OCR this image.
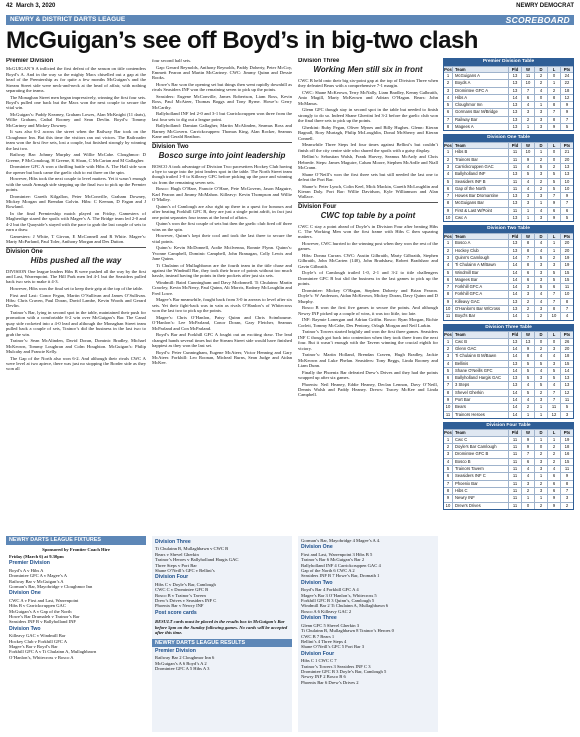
42 March 3, 2020	NEWRY DEMOCRAT
NEWRY & DISTRICT DARTS LEAGUE	SCOREBOARD
McGuigan’s see off Boyd’s in big-two clash
Premier Division

McGUIGAN’S A inflicted the first defeat of the season on title contenders Boyd’s A. And in the way so the mighty Macs chiselled out a gap at the head of the Premiership as for quite a few months McGuigan’s and the Stream Street side were neck-and-neck at the head of affair, with nothing separating the teams.

The Monaghan Street men began impressively, winning the first four sets. Boyd’s pulled one back but the Macs won the next couple to secure the vital win.

McGuigan’s: Paddy Kearney, Graham Lowes, Alan McKnight (11 darts), Willie Graham, Cathal Rooney and Sean Devlin. Boyd’s: Tommy McCartney and Mickey Downey.

It was also 6-2 across the street when the Railway Bar took on the Cloughmor Inn. But this time the visitors ran out victors. The Railroader team won the first five sets, lost a couple, but finished strongly by winning the last two.

Railway Bar: Johnny Murphy and Willie McCabe. Cloughmor: D Greene, P McConaloug, H Greene, K Sloan, C McCartan and M Gallagher.

Dromintee GFC A won a thrilling battle with Hibs A. The Hall side won the opener but back came the gaelic club to eat three on the spin.

However, Hibs took the next couple to level matters. Yet it wasn’t enough with the south Armagh side stepping up the final two to pick up the Premier points.

Dromintee: Gareth Kilgallon, Peter McConville, Graham Downey, Mickey Morgan and Brendan Golvin. Hibs: C Keenan, D Fagan and J Rowland.

In the final Premiership match played on Friday, Gamesters of Magherdige stared the spoils with Magee’s A. The Bridge team led 2-0 and 4-2 but the Quayside’s stayed with the pace to grab the last couple of sets to earn a draw.

Gamesters: J White, T Girvan, E McConnell and R White. Magee’s: Marty McParland, Paul Toler, Anthony Morgan and Des Dutton.

Division One
Hibs pushed all the way

DIVISION One league leaders Hibs B were pushed all the way by the first and Last, Warrenpoint. The Hill Park men led 4-1 but the Seasiders pulled back two sets to make it 4-3.

However, Hibs won the final set to keep their grip at the top of the table.

First and Last: Conor Fegan, Martin O’Sullivan and James O’Sullivan. Hibs: Chris Craven, Paul Doran, David Lambe, Kevin Woods and Gerard Devlin.

Trainor’s Bar, lying in second spot in the table, maintained their push for promotion with a comfortable 6-2 win over McGuigan’s Bar. The Canal quay side rocketed into a 4-0 lead and although the Monaghan Street team pulled back a couple of sets, Trainor’s did the business in the last two to grab the win.

Trainor’s: Sean McAlinden, David Doran, Dominic Bradley, Michael McKeown, Tommy Loughran and Colm Houghton. McGuigan’s: Philip Mulcahy and Francie Kelly.

The Gap of the North also won 6-2. And although their rivals CWC A were level at two apiece, there was just no stopping the Border side as they won all

four second half sets.

Gap: Gerard Reynolds, Anthony Reynolds, Paddy Doherty, Peter McCoy, Emmett Fearon and Martin McCartney. CWC: Jimmy Quinn and Dessie Rooks.

Howe’s Bar won the opening set but things then went rapidly downhill as rivals Seasiders INF won the remaining seven to pick up the points.

Seasiders: Eugene McConville, James Robertson, Liam Ross, Kevin Ross, Paul McAteer, Thomas Boggs and Tony Byrne. Howe’s: Gerry McCarthy.

Ballyholland INF led 2-0 and 3-1 but Carrickcruppen won three from the last four sets to dig out a league point.

Ballyholland: Damian Gallagher, Martin McAlinden, Seamus Ross and Barney McGovern. Carrickcruppen: Thomas King, Alan Rocker, Seamus Kane and Gerald Reathon.

Division Two
Bosco surge into joint leadership

BOSCO A took advantage of Division Two pacesetters Hockey Club having a bye to surge into the joint leaders spot in the table. The North Street team though trailed 1-0 to Killeavy GFC before picking up the pace and winning six from the remaining seven sets.

Bosco: Hugh O’Hare, Francie O’Hare, Pete McGovern, Jason Maguire, Karl Fearon and Jimmy McMahon. Killeavy: Kevin Thompson and Willie O’Malley.

Quinn’s of Camlough are also right up there in a quest for honours and after beating Forkhill GFC B, they are just a single point adrift, in fact just one point separates four teams at the head of affairs.

Quinn’s won the first couple of sets but then the gaelic club fired off three wins on the spin.

However, Quinn’s kept their cool and took the last three to secure the vital points.

Quinn’s: Kevin McDonnell, Aodie Mcilvenna, Ronnie Flynn. Quinn’s: Yvonne Campbell, Dominic Campbell, John Branagan, Colly Lewis and Jane Quinn.

Ti Chulainn of Mullaghbawn are the fourth team in the title chase and against the Windmill Bar, they took their brace of points without too much hassle, instead having the points in their pockets after just six sets.

Windmill: Baird Cunningham and Davy Mcdonnell. Ti Chulainn: Martin Crawley, Kevin McNerry, Paul Quinn, Ali Morris, Rodney McLoughlin and Fred Lowe.

Magee’s Bar meanwhile, fought back from 3-0 in arrears to level after six sets. Yet their fight-back was in vain as rivals O’Hanlon’s of Whitecross won the last two to pick up the points.

Magee’s: Chris O’Hanlon, Patsy Quinn and Chris Scimboume. O’Hanlon’s: Lee McParland, Conor Doran, Gary Fletcher, Seamus McParland and Con McParland.

Boyd’s Bar and Forkhill GFC A fought out an exciting draw. The lead changed hands several times but the Stream Street side would have finished happiest as they won the last set.

Boyd’s: Peter Cunningham, Eugene McAteer, Victor Henning and Gary McAteer. Forkhill: Leo Roonan, Micheal Burns, Sean Judge and Aidan McKee.

Division Three
Working Men still six in front

CWC B held onto their big six-point gap at the top of Division Three when they defeated Bears with a comprehensive 7-1 margin.

CWC: Shane McKeown, Terry McNally, Liam Bradley, Kenny Galbraith, Anto Magill, Marty McKeown and Adrian O’Hagan. Bears: John McManus.

Glenn GFC though stay in second spot in the table but needed to finish strongly to do so. Indeed Shane Ghertini led 3-2 before the gaelic club won the final three sets to pick up the points.

Gherkini: Ruby Fegan, Oliver Mynes and Billy Hughes. Glenn: Kieran Bagnall, Rory Murtagh, Philip McLoughlin, Donal McSherry and Kieran Connell.

Meanwhile Three Steps led four times against Bellini’s but couldn’t finish off the city centre side who shared the spoils with a gutsy display.

Bellini’s: Sebastian Walsh, Frank Harvey, Seamus McArdy and Chris Hebrede. Steps: James Maguire, Calum Moore, Stephen McArdle and Niall McCrann.

Shane O’Neill’s won the first three sets but still needed the last one to defeat the Port Bar.

Shane’s: Peter Lynch, Colin Keel, Mick Mackin, Gareth McLoughlin and Kieran Daly. Port Bar: Willie Davidson, Kyle Williamson and Alan Wallace.

Division Four
CWC top table by a point

CWC C stay a point ahead of Doyle’s in Division Four after beating Hibs C. The Working Men won the first frame with Hibs C then squaring matters.

However, CWC hurried to the winning post when they won the rest of the games.

Hibs: Donna Curran. CWC: Austin Gilbraith, Marty Gilbraith, Stephen Gilbraith, John McCarten (140), John Bradshaw, Robert Bradshaw and Gavin Gilbraith.

Doyle’s of Camlough trailed 1-0, 2-1 and 3-2 to title challengers Dromintee GFC B but slid the business in the last games to pick up the points.

Dromintee: Mickey O’Hagan, Stephen Doherty and Brian Fearon. Doyle’s: W Anderson, Aidan McKeown, Mickey Doran, Davy Quinn and D Murphy.

Bosco B won the first five games to secure the points. And although Newry INF picked up a couple of wins, it was too little, too late.

INF: Raymie Lonergan and Adrian Griffin. Bosco: Ryan Morgan, Richie Corlett, Tommy McCabe, Des Pentony, Orlagh Morgan and Neil Larkin.

Trainor’s Towers started brightly and won the first three games. Seasiders INF C though got back into contention when they took three from the next four. But it wasn’t enough with the Tavern winning the crucial eighth for victory.

Trainor’s: Martin Holland, Brendan Craven, Hugh Bradley, Jackie McKeown and Luke Phelan. Seasiders: Tony Beggs, Linda Rooney and Liam Dunn.

Finally the Phoenix Bar defeated Drew’s Drives and they had the points wrapped up after six games.

Phoenix: Neil Heaney, Eddie Heaney, Declan Lennon, Davy O’Neill, Dennis Walsh and Paddy Heaney. Drews: Tracey McKee and Linda Campbell.

Premier Division Table
Pos Team	Pld	W	D	L	Pts
1	McGuigans A	13	11	2	0	24
2	Boyds A	13	10	2	1	22
3	Dromintee GFC A	13	7	4	2	18
4	Hibs A	14	6	0	8	12
5	Cloughmor Inn	13	4	1	8	9
6	Gormans Bar M/Bridge	13	3	3	7	9
7	Railway Bar	13	2	3	8	7
8	Magees A	13	1	3	9	5
Division One Table
Pos Team	Pld	W	D	L	Pts
1	Hibs B	11	10	1	0	21
2	Trainors Bar	11	9	2	0	20
3	Carrickcruppen GAC	11	4	5	2	13
4	Ballyholland INF	13	5	3	5	13
5	Seasiders INF B	11	4	2	5	10
6	Gap of the North	11	4	2	5	10
7	Howes Bar Dromantine	13	3	3	7	9
8	McGuigans Bar	13	3	1	9	7
9	First & Last W/Point	11	1	4	6	6
10	Cwc A	13	1	3	9	5
Division Two Table
Pos Team	Pld	W	D	L	Pts
1	Bosco A	13	8	4	1	20
2	Hockey Club	13	8	4	1	20
3	Quinn's Camlough	14	7	5	2	19
4	Ti Chulainn A M/Bawn	14	8	3	3	19
5	Windmill Bar	14	6	3	5	15
6	Magees Bar	14	6	3	5	15
7	Forkhill GFC A	14	3	5	6	11
8	Forkhill GFC A	14	3	4	7	10
9	Killeavy GAC	13	2	4	7	8
10	O'Hanlon's Bar W/Cross	13	2	3	8	7
11	Boyd's Bar	14	1	2	10	4
Division Three Table
Pos Team	Pld	W	D	L	Pts
1	Cwc B	13	13	0	0	26
2	Glenn GAC	14	9	2	3	20
3	Ti Chulainn B M/Bawn	14	8	4	4	18
4	Bellinis	13	5	5	3	15
5	Shane O'Neills GFC	14	5	4	5	14
6	Ballyholland Hargis GAC	13	5	3	5	13
7	3 Steps	13	4	5	4	13
8	Shevel Gherkin	14	5	2	7	12
9	Port Bar	14	4	3	7	11
10	Bears	14	2	1	11	5
11	Trainors Heroes	14	1	1	12	3
Division Four Table
Pos Team	Pld	W	D	L	Pts
1	Cwc C	11	9	1	1	19
2	Doyle's Bar Camlough	11	9	0	2	18
3	Dromintee GFC B	11	7	2	2	16
4	Bosco B	11	6	3	2	15
5	Trainors Tavern	11	4	3	4	11
6	Seasiders INF C	11	4	1	6	9
7	Phoenix Bar	11	3	2	6	8
8	Hibs C	11	2	3	6	7
9	Newry INF	11	1	1	9	3
10	Drew's Drives	11	0	2	9	2
NEWRY DARTS LEAGUE FIXTURES
Sponsored by Frontier Coach Hire
Friday (March 6) at 9.30pm
Premier Division
Boyd’s A v Hibs A
Dromintee GFC A v Magee’s A
Railway Bar v McGuigan’s A
Gorman’s Bar, Mayobridge v Cloughmor Inn
Division One
CWC A v First and Last, Warrenpoint
Hibs B v Carrickcruppen GAC
McGuigan’s A v Gap of the North
Howe’s Bar Drumaleh v Trainor’s Bar
Seasiders INF B v Ballyholland INF
Division Two
Killeavy GAC v Windmill Bar
Hockey Club v Forkhill GFC A
Magee’s Bar v Boyd’s Bar
Forkhill GFC A v Ti Chulainn A, Mullaghbawn
O’Hanlon’s, Whitecross v Bosco A
Division Three
Ti Chulainn B, Mullaghbawn v CWC B
Bears v Shevel Gherkin
Trainor’s Heroes v Ballyholland Hargis GAC
Three Steps v Port Bar
Shane O’Neill’s GFC v Bellini’s
Division Four
Hibs C v Doyle’s Bar, Camlough
CWC C v Dromintee GFC B
Bosco B v Trainor’s Tavern
Drew’s Drives v Seasiders INF C
Phoenix Bar v Newry INF
Post score cards
RESULT cards must be placed in the results box in McGuigan’s Bar before 5pm on the Sunday following games. No cards will be accepted after this time.
NEWRY DARTS LEAGUE RESULTS
Premier Division
Railway Bar 2 Cloughmor Inn 6
McGuigan’s A 6 Boyd’s A 2
Dromintee GFC A 5 Hibs A 3
Gorman’s Bar, Mayobridge 4 Magee’s A 4.
Division One
First and Last, Warrenpoint 3 Hibs B 5
Trainor’s Bar 6 McGuigan’s Bar 2
Ballyholland INF 4 Carrickcruppen GAC 4
Gap of the North 6 CWC A 2
Seasiders INF B 7 Howe’s Bar, Dromath 1
Division Two
Boyd’s Bar 4 Forkhill GFC A 4
Magee’s Bar 3 O’Hanlon’s, Whitecross 5
Forkhill GFC B 3 Quinn’s, Camlough 5
Windmill Bar 2 Ti Chulainn A, Mullaghbawn 6
Bosco A 6 Killeavy GAC 2
Division Three
Glenn GFC 5 Shevel Gherkin 3
Ti Chulainn B, Mullaghbawn 8 Trainor’s Heroes 0
CWC B 7 Bears 1
Bellini’s 4 Three Steps 4
Shane O’Neill’s GFC 5 Port Bar 3
Division Four
Hibs C 1 CWC C 7
Trainor’s Towers 3 Seasiders INF C 3
Dromintee GFC B 3 Doyle’s Bar, Camlough 5
Newry INF 2 Bosco B 6
Phoenix Bar 6 Drew’s Drives 2
